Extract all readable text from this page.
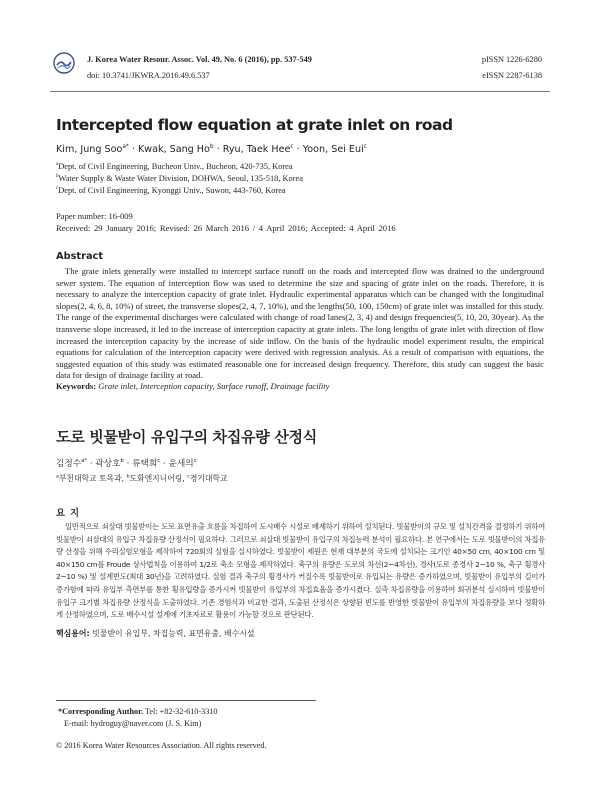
J. Korea Water Resour. Assoc. Vol. 49, No. 6 (2016), pp. 537-549
doi: 10.3741/JKWRA.2016.49.6.537
pISSN 1226-6280
eISSN 2287-6138
Intercepted flow equation at grate inlet on road
Kim, Jung Soo$^{a*}$ · Kwak, Sang $Ho^b$ · Ryu, Taek Hee$^c$ · Yoon, Sei Eui$^c$
$^a$Dept. of Civil Engineering, Bucheon Univ., Bucheon, 420-735, Korea
$^b$Water Supply & Waste Water Division, DOHWA, Seoul, 135-518, Korea
$^c$Dept. of Civil Engineering, Kyonggi Univ., Suwon, 443-760, Korea
Paper number: 16-009
Received: 29 January 2016; Revised: 26 March 2016 / 4 April 2016; Accepted: 4 April 2016
Abstract
The grate inlets generally were installed to intercept surface runoff on the roads and intercepted flow was drained to the underground sewer system. The equation of interception flow was used to determine the size and spacing of grate inlet on the roads. Therefore, it is necessary to analyze the interception capacity of grate inlet. Hydraulic experimental apparatus which can be changed with the longitudinal slopes(2, 4, 6, 8, 10%) of street, the transverse slopes(2, 4, 7, 10%), and the lengths(50, 100, 150cm) of grate inlet was installed for this study. The range of the experimental discharges were calculated with change of road lanes(2, 3, 4) and design frequencies(5, 10, 20, 30year). As the transverse slope increased, it led to the increase of interception capacity at grate inlets. The long lengths of grate inlet with direction of flow increased the interception capacity by the increase of side inflow. On the basis of the hydraulic model experiment results, the empirical equations for calculation of the interception capacity were derived with regression analysis. As a result of comparison with equations, the suggested equation of this study was estimated reasonable one for increased design frequency. Therefore, this study can suggest the basic data for design of drainage facility at road.
Keywords: Grate inlet, Interception capacity, Surface runoff, Drainage facility
도로 빗물받이 유입구의 차집유량 산정식
김정수$^{a*}$ · 곽상호$^b$ · 류택희$^c$ · 윤세의$^c$
$^a$부천대학교 토목과, $^b$도화엔지니어링, $^c$경기대학교
요지
일반적으로 쇠살대 빗물받이는 도로 표면유출 흐름을 차집하여 도시배수 시설로 배제하기 위하여 설치된다. 빗물받이의 규모 및 설치간격을 결정하기 위하여 빗물받이 쇠살대의 유입구 차집유량 산정식이 필요하다. 그러므로 쇠살대 빗물받이 유입구의 차집능력 분석이 필요하다. 본 연구에서는 도로 빗물받이의 차집유량 산정을 위해 수리실험모형을 제작하여 720회의 실험을 실시하였다. 빗물받이 제원은 현재 대부분의 국도에 설치되는 크기인 40×50 cm, 40×100 cm 및 40×150 cm를 Froude 상사법칙을 이용하여 1/2로 축소 모형을 제작하였다. 축구의 유량은 도로의 차선(2~4차선), 경사(도로 종경사 2~10 %, 축구 횡경사 2~10 %) 및 설계빈도(최대 30년)을 고려하였다. 실험 결과 축구의 횡경사가 커질수록 빗물받이로 유입되는 유량은 증가하였으며, 빗물받이 유입부의 길이가 증가함에 따라 유입부 측면부를 통한 횡유입량을 증가시켜 빗물받이 유입부의 차집효율을 증가시켰다. 실측 차집유량을 이용하여 회귀분석 실시하여 빗물받이 유입구 크기별 차집유량 산정식을 도출하였다. 기존 경험식과 비교한 결과, 도출된 산정식은 상향된 빈도를 반영한 빗물받이 유입부의 차집유량을 보다 정확하게 산정하였으며, 도로 배수시설 설계에 기초자료로 활용이 가능할 것으로 판단된다.
핵심용어: 빗물받이 유입부, 차집능력, 표면유출, 배수시설
*Corresponding Author. Tel: +82-32-610-3310
E-mail: hydroguy@naver.com (J. S. Kim)
© 2016 Korea Water Resources Association. All rights reserved.
